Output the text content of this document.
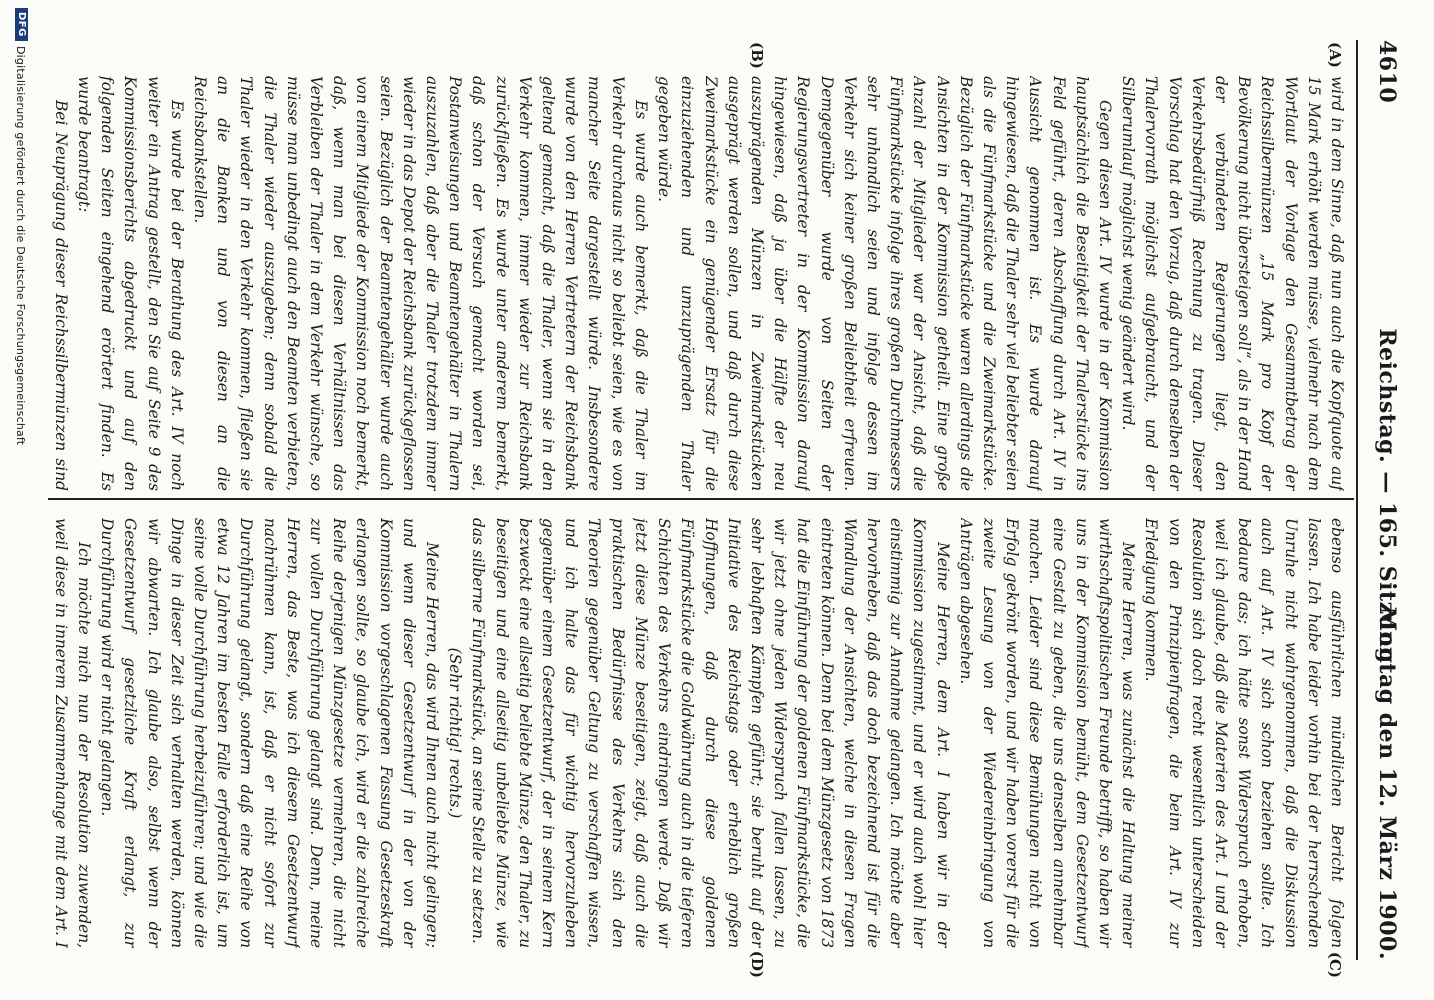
4610
Reichstag. — 165. Sitzung.
Montag den 12. März 1900.
(A)
(B)
(C)
(D)

wird in dem Sinne, daß nun auch die Kopfquote auf 15 Mark erhöht werden müsse, vielmehr nach dem Wortlaut der Vorlage den Gesammtbetrag der Reichssilbermünzen „15 Mark pro Kopf der Bevölkerung nicht übersteigen soll“, als in der Hand der verbündeten Regierungen liegt, den Verkehrsbedürfniß Rechnung zu tragen. Dieser Vorschlag hat den Vorzug, daß durch denselben der Thalervorrath möglichst aufgebraucht, und der Silberumlauf möglichst wenig geändert wird.

Gegen diesen Art. IV wurde in der Kommission hauptsächlich die Beseitigkeit der Thalerstücke ins Feld geführt, deren Abschaffung durch Art. IV in Aussicht genommen ist. Es wurde darauf hingewiesen, daß die Thaler sehr viel beliebter seien als die Fünfmarkstücke und die Zweimarkstücke. Bezüglich der Fünfmarkstücke waren allerdings die Ansichten in der Kommission getheilt. Eine große Anzahl der Mitglieder war der Ansicht, daß die Fünfmarkstücke infolge ihres großen Durchmessers sehr unhandlich seien und infolge dessen im Verkehr sich keiner großen Beliebtheit erfreuen. Demgegenüber wurde von Seiten der Regierungsvertreter in der Kommission darauf hingewiesen, daß ja über die Hälfte der neu auszuprägenden Münzen in Zweimarkstücken ausgeprägt werden sollen, und daß durch diese Zweimarkstücke ein genügender Ersatz für die einzuziehenden und umzuprägenden Thaler gegeben würde.

Es wurde auch bemerkt, daß die Thaler im Verkehr durchaus nicht so beliebt seien, wie es von mancher Seite dargestellt würde. Insbesondere wurde von den Herren Vertretern der Reichsbank geltend gemacht, daß die Thaler, wenn sie in den Verkehr kommen, immer wieder zur Reichsbank zurückfließen. Es wurde unter anderem bemerkt, daß schon der Versuch gemacht worden sei, Postanweisungen und Beamtengehälter in Thalern auszuzahlen, daß aber die Thaler trotzdem immer wieder in das Depot der Reichsbank zurückgeflossen seien. Bezüglich der Beamtengehälter wurde auch von einem Mitgliede der Kommission noch bemerkt, daß, wenn man bei diesen Verhältnissen das Verbleiben der Thaler in dem Verkehr wünsche, so müsse man unbedingt auch den Beamten verbieten, die Thaler wieder auszugeben; denn sobald die Thaler wieder in den Verkehr kommen, fließen sie an die Banken und von diesen an die Reichsbankstellen.

Es wurde bei der Berathung des Art. IV noch weiter ein Antrag gestellt, den Sie auf Seite 9 des Kommissionsberichts abgedruckt und auf den folgenden Seiten eingehend erörtert finden. Es wurde beantragt:

Bei Neuprägung dieser Reichssilbermünzen sind

ebenso ausführlichen mündlichen Bericht folgen lassen. Ich habe leider vorhin bei der herrschenden Unruhe nicht wahrgenommen, daß die Diskussion auch auf Art. IV sich schon beziehen sollte. Ich bedaure das; ich hätte sonst Widerspruch erhoben, weil ich glaube, daß die Materien des Art. I und der Resolution sich doch recht wesentlich unterscheiden von den Prinzipienfragen, die beim Art. IV zur Erledigung kommen.

Meine Herren, was zunächst die Haltung meiner wirthschaftspolitischen Freunde betrifft, so haben wir uns in der Kommission bemüht, dem Gesetzentwurf eine Gestalt zu geben, die uns denselben annehmbar machen. Leider sind diese Bemühungen nicht von Erfolg gekrönt worden, und wir haben vorerst für die zweite Lesung von der Wiedereinbringung von Anträgen abgesehen.

Meine Herren, dem Art. I haben wir in der Kommission zugestimmt, und er wird auch wohl hier einstimmig zur Annahme gelangen. Ich möchte aber hervorheben, daß das doch bezeichnend ist für die Wandlung der Ansichten, welche in diesen Fragen eintreten können. Denn bei dem Münzgesetz von 1873 hat die Einführung der goldenen Fünfmarkstücke, die wir jetzt ohne jeden Widerspruch fallen lassen, zu sehr lebhaften Kämpfen geführt; sie beruht auf der Initiative des Reichstags oder erheblich großen Hoffnungen, daß durch diese goldenen Fünfmarkstücke die Goldwährung auch in die tieferen Schichten des Verkehrs eindringen werde. Daß wir jetzt diese Münze beseitigen, zeigt, daß auch die praktischen Bedürfnisse des Verkehrs sich den Theorien gegenüber Geltung zu verschaffen wissen, und ich halte das für wichtig hervorzuheben gegenüber einem Gesetzentwurf, der in seinem Kern bezweckt eine allseitig beliebte Münze, den Thaler, zu beseitigen und eine allseitig unbeliebte Münze, wie das silberne Fünfmarkstück, an seine Stelle zu setzen.

(Sehr richtig! rechts.)

Meine Herren, das wird Ihnen auch nicht gelingen; und wenn dieser Gesetzentwurf in der von der Kommission vorgeschlagenen Fassung Gesetzeskraft erlangen sollte, so glaube ich, wird er die zahlreiche Reihe derjenigen Münzgesetze vermehren, die nicht zur vollen Durchführung gelangt sind. Denn, meine Herren, das Beste, was ich diesem Gesetzentwurf nachrühmen kann, ist, daß er nicht sofort zur Durchführung gelangt, sondern daß eine Reihe von etwa 12 Jahren im besten Falle erforderlich ist, um seine volle Durchführung herbeizuführen; und wie die Dinge in dieser Zeit sich verhalten werden, können wir abwarten. Ich glaube also, selbst wenn der Gesetzentwurf gesetzliche Kraft erlangt, zur Durchführung wird er nicht gelangen.

Ich möchte mich nun der Resolution zuwenden, weil diese in innerem Zusammenhange mit dem Art. I

DFG
Digitalisierung gefördert durch die Deutsche Forschungsgemeinschaft
